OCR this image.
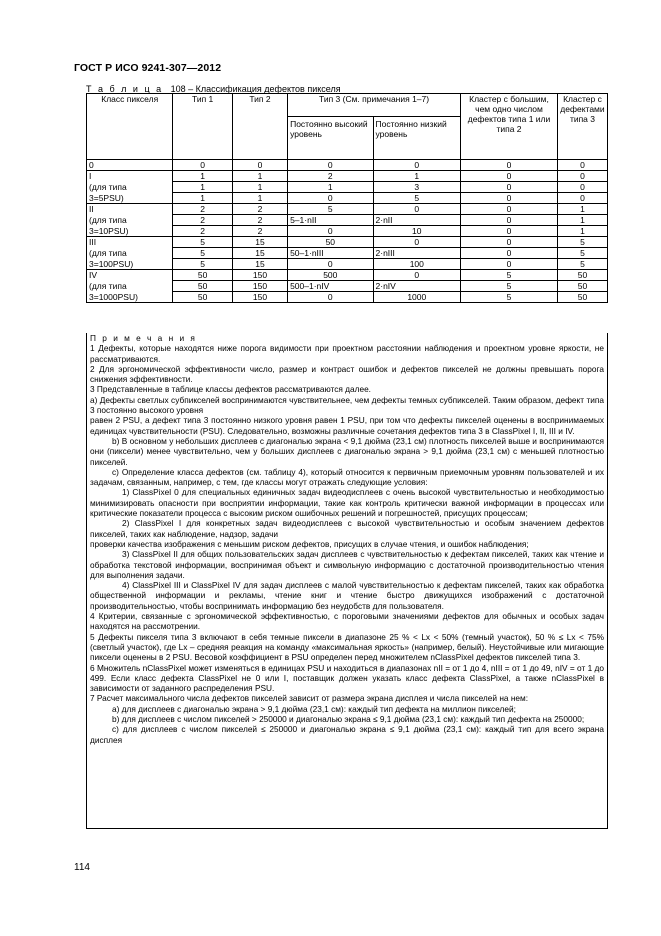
ГОСТ Р ИСО 9241-307—2012
Т а б л и ц а 108 – Классификация дефектов пикселя
Класс пикселя	Тип 1	Тип 2	Тип 3 (См. примечания 1–7)		Кластер с большим, чем одно числом дефектов типа 1 или типа 2	Кластер с дефектами типа 3
			Постоянно высокий уровень	Постоянно низкий уровень		
0	0	0	0	0	0	0
I	1	1	2	1	0	0
(для типа	1	1	1	3	0	0
3=5PSU)	1	1	0	5	0	0
II	2	2	5	0	0	1
(для типа	2	2	5–1·nII	2·nII	0	1
3=10PSU)	2	2	0	10	0	1
III	5	15	50	0	0	5
(для типа	5	15	50–1·nIII	2·nIII	0	5
3=100PSU)	5	15	0	100	0	5
IV	50	150	500	0	5	50
(для типа	50	150	500–1·nIV	2·nIV	5	50
3=1000PSU)	50	150	0	1000	5	50

П р и м е ч а н и я

1 Дефекты, которые находятся ниже порога видимости при проектном расстоянии наблюдения и проектном уровне яркости, не рассматриваются.

2 Для эргономической эффективности число, размер и контраст ошибок и дефектов пикселей не должны превышать порога снижения эффективности.

3 Представленные в таблице классы дефектов рассматриваются далее.

а) Дефекты светлых субпикселей воспринимаются чувствительнее, чем дефекты темных субпикселей. Таким образом, дефект типа 3 постоянно высокого уровня

равен 2 PSU, а дефект типа 3 постоянно низкого уровня равен 1 PSU, при том что дефекты пикселей оценены в воспринимаемых единицах чувствительности (PSU). Следовательно, возможны различные сочетания дефектов типа 3 в ClassPixel I, II, III и IV.

b) В основном у небольших дисплеев с диагональю экрана < 9,1 дюйма (23,1 см) плотность пикселей выше и воспринимаются они (пиксели) менее чувствительно, чем у больших дисплеев с диагональю экрана > 9,1 дюйма (23,1 см) с меньшей плотностью пикселей.

с) Определение класса дефектов (см. таблицу 4), который относится к первичным приемочным уровням пользователей и их задачам, связанным, например, с тем, где классы могут отражать следующие условия:

1) ClassPixel 0 для специальных единичных задач видеодисплеев с очень высокой чувствительностью и необходимостью минимизировать опасности при восприятии информации, такие как контроль критически важной информации в процессах или критические показатели процесса с высоким риском ошибочных решений и погрешностей, присущих процессам;

2) ClassPixel I для конкретных задач видеодисплеев с высокой чувствительностью и особым значением дефектов пикселей, таких как наблюдение, надзор, задачи

проверки качества изображения с меньшим риском дефектов, присущих в случае чтения, и ошибок наблюдения;

3) ClassPixel II для общих пользовательских задач дисплеев с чувствительностью к дефектам пикселей, таких как чтение и обработка текстовой информации, воспринимая объект и символьную информацию с достаточной производительностью чтения для выполнения задачи.

4) ClassPixel III и ClassPixel IV для задач дисплеев с малой чувствительностью к дефектам пикселей, таких как обработка общественной информации и рекламы, чтение книг и чтение быстро движущихся изображений с достаточной производительностью, чтобы воспринимать информацию без неудобств для пользователя.

4 Критерии, связанные с эргономической эффективностью, с пороговыми значениями дефектов для обычных и особых задач находятся на рассмотрении.

5 Дефекты пикселя типа 3 включают в себя темные пиксели в диапазоне 25 % < Lx < 50% (темный участок), 50 % ≤ Lx < 75% (светлый участок), где Lx – средняя реакция на команду «максимальная яркость» (например, белый). Неустойчивые или мигающие пиксели оценены в 2 PSU. Весовой коэффициент в PSU определен перед множителем nClassPixel дефектов пикселей типа 3.

6 Множитель nClassPixel может изменяться в единицах PSU и находиться в диапазонах nII = от 1 до 4, nIII = от 1 до 49, nIV = от 1 до 499. Если класс дефекта ClassPixel не 0 или I, поставщик должен указать класс дефекта ClassPixel, а также nClassPixel в зависимости от заданного распределения PSU.

7 Расчет максимального числа дефектов пикселей зависит от размера экрана дисплея и числа пикселей на нем:

а) для дисплеев с диагональю экрана > 9,1 дюйма (23,1 см): каждый тип дефекта на миллион пикселей;

b) для дисплеев с числом пикселей > 250000 и диагональю экрана ≤ 9,1 дюйма (23,1 см): каждый тип дефекта на 250000;

с) для дисплеев с числом пикселей ≤ 250000 и диагональю экрана ≤ 9,1 дюйма (23,1 см): каждый тип для всего экрана дисплея

114
